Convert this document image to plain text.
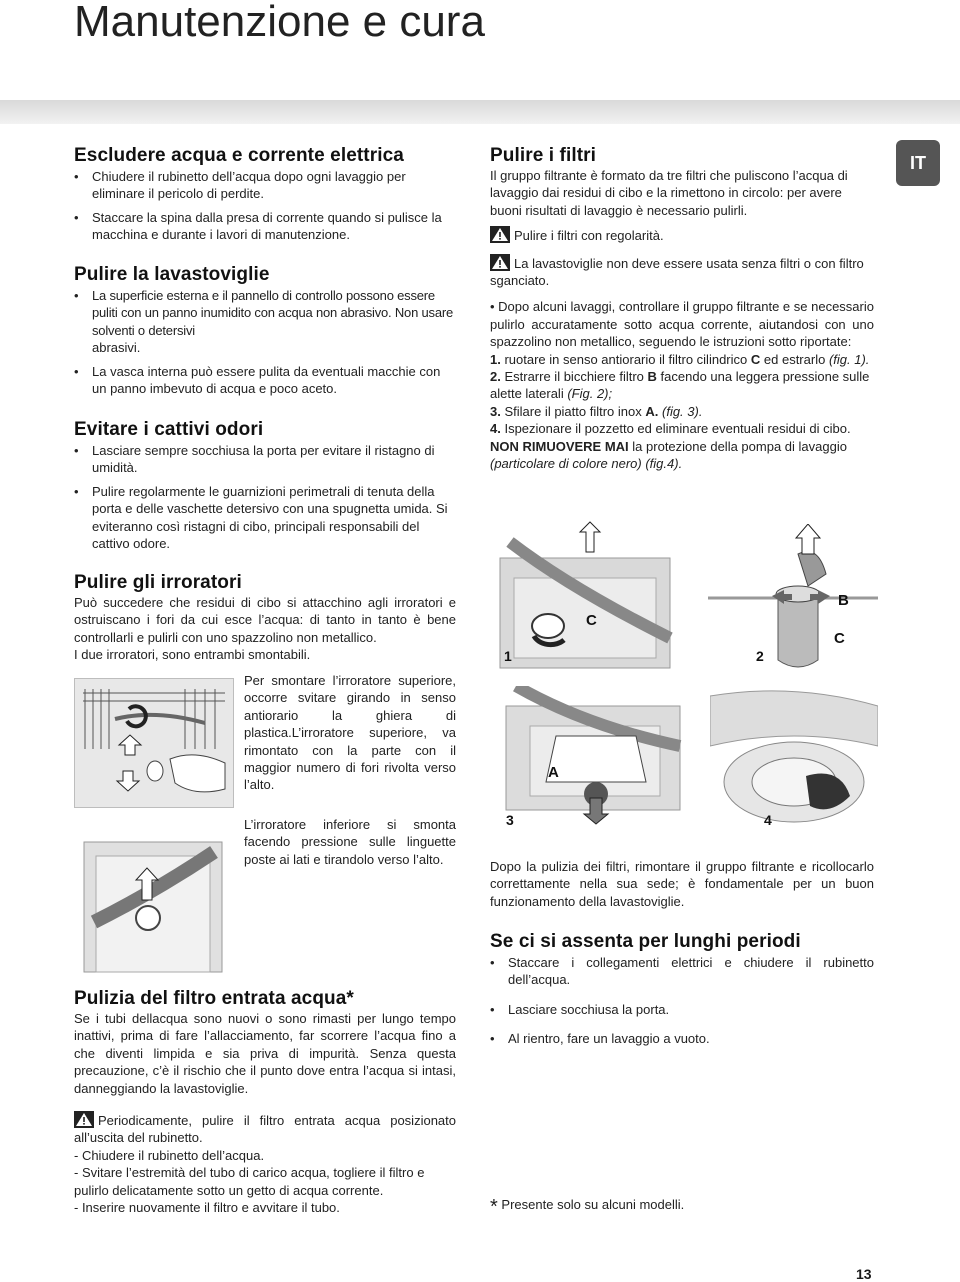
Manutenzione e cura
IT
Escludere acqua e corrente elettrica
• Chiudere il rubinetto dell’acqua dopo ogni lavaggio per eliminare il pericolo di perdite.
• Staccare la spina dalla presa di corrente quando si pulisce la macchina e durante i lavori di manutenzione.
Pulire la lavastoviglie
• La superficie esterna e il pannello di controllo possono essere puliti con un panno inumidito con acqua non abrasivo. Non usare solventi o detersivi

abrasivi.

• La vasca interna può essere pulita da eventuali macchie con un panno imbevuto di acqua e poco aceto.
Evitare i cattivi odori
• Lasciare sempre socchiusa la porta per evitare il ristagno di umidità.
• Pulire regolarmente le guarnizioni perimetrali di tenuta della porta e delle vaschette detersivo con una spugnetta umida. Si eviteranno così ristagni di cibo, principali responsabili del cattivo odore.
Pulire gli irroratori

Può succedere che residui di cibo si attacchino agli irroratori e ostruiscano i fori da cui esce l’acqua: di tanto in tanto è bene controllarli e pulirli con uno spazzolino non metallico.

I due irroratori, sono entrambi smontabili.

Per smontare l’irroratore superiore, occorre svitare girando in senso antiorario la ghiera di plastica.L’irroratore superiore, va rimontato con la parte con il maggior numero di fori rivolta verso l’alto.

L’irroratore inferiore si smonta facendo pressione sulle linguette poste ai lati e tirandolo verso l’alto.

Pulizia del filtro entrata acqua*

Se i tubi dellacqua sono nuovi o sono rimasti per lungo tempo inattivi, prima di fare l’allacciamento, far scorrere l’acqua fino a che diventi limpida e sia priva di impurità. Senza questa precauzione, c’è il rischio che il punto dove entra l’acqua si intasi, danneggiando la lavastoviglie.

Periodicamente, pulire il filtro entrata acqua posizionato all’uscita del rubinetto.

- Chiudere il rubinetto dell’acqua.

- Svitare l’estremità del tubo di carico acqua, togliere il filtro e pulirlo delicatamente sotto un getto di acqua corrente.

- Inserire nuovamente il filtro e avvitare il tubo.

Pulire i filtri

Il gruppo filtrante è formato da tre filtri che puliscono l’acqua di lavaggio dai residui di cibo e la rimettono in circolo: per avere buoni risultati di lavaggio è necessario pulirli.

Pulire i filtri con regolarità.

La lavastoviglie non deve essere usata senza filtri o con filtro sganciato.

• Dopo alcuni lavaggi, controllare il gruppo filtrante e se necessario pulirlo accuratamente sotto acqua corrente, aiutandosi con uno spazzolino non metallico, seguendo le istruzioni sotto riportate:

1. ruotare in senso antiorario il filtro cilindrico C ed estrarlo (fig. 1).

2. Estrarre il bicchiere filtro B facendo una leggera pressione sulle alette laterali (Fig. 2);

3. Sfilare il piatto filtro inox A. (fig. 3).

4. Ispezionare il pozzetto ed eliminare eventuali residui di cibo.

NON RIMUOVERE MAI la protezione della pompa di lavaggio

(particolare di colore nero) (fig.4).

1	2
3	4
C
B
C
A

Dopo la pulizia dei filtri, rimontare il gruppo filtrante e ricollocarlo correttamente nella sua sede; è fondamentale per un buon funzionamento della lavastoviglie.

Se ci si assenta per lunghi periodi
• Staccare i collegamenti elettrici e chiudere il rubinetto dell’acqua.
• Lasciare socchiusa la porta.
• Al rientro, fare un lavaggio a vuoto.
* Presente solo su alcuni modelli.
13
